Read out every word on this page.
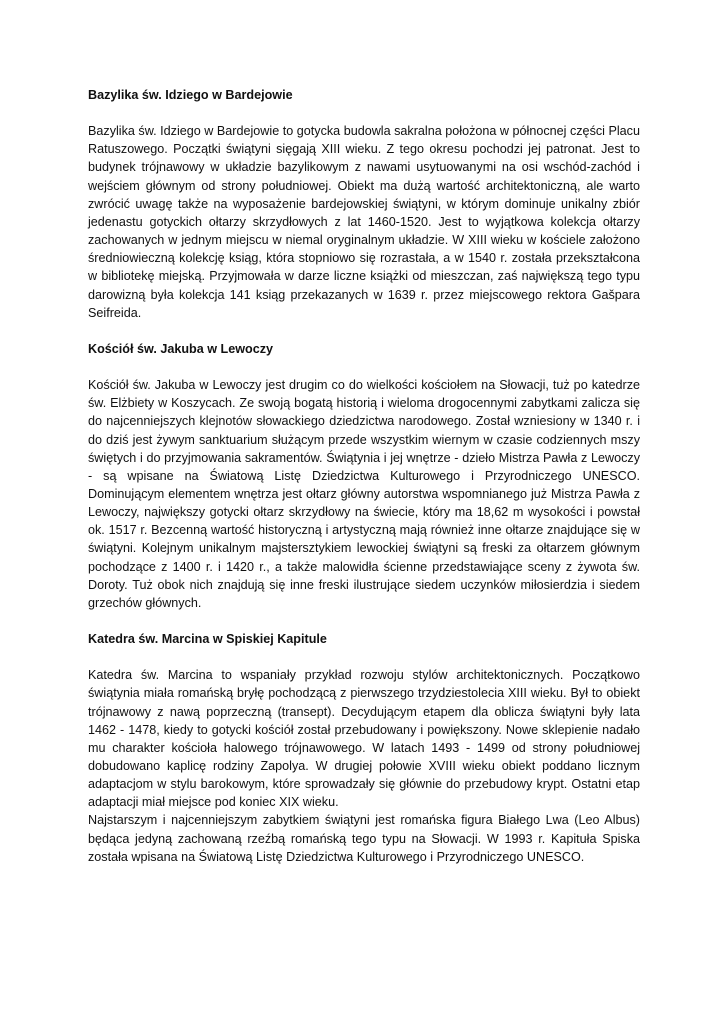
Bazylika św. Idziego w Bardejowie

Bazylika św. Idziego w Bardejowie to gotycka budowla sakralna położona w północnej części Placu Ratuszowego. Początki świątyni sięgają XIII wieku. Z tego okresu pochodzi jej patronat. Jest to budynek trójnawowy w układzie bazylikowym z nawami usytuowanymi na osi wschód-zachód i wejściem głównym od strony południowej. Obiekt ma dużą wartość architektoniczną, ale warto zwrócić uwagę także na wyposażenie bardejowskiej świątyni, w którym dominuje unikalny zbiór jedenastu gotyckich ołtarzy skrzydłowych z lat 1460-1520. Jest to wyjątkowa kolekcja ołtarzy zachowanych w jednym miejscu w niemal oryginalnym układzie. W XIII wieku w kościele założono średniowieczną kolekcję ksiąg, która stopniowo się rozrastała, a w 1540 r. została przekształcona w bibliotekę miejską. Przyjmowała w darze liczne książki od mieszczan, zaś największą tego typu darowizną była kolekcja 141 ksiąg przekazanych w 1639 r. przez miejscowego rektora Gašpara Seifreida.

Kościół św. Jakuba w Lewoczy

Kościół św. Jakuba w Lewoczy jest drugim co do wielkości kościołem na Słowacji, tuż po katedrze św. Elżbiety w Koszycach. Ze swoją bogatą historią i wieloma drogocennymi zabytkami zalicza się do najcenniejszych klejnotów słowackiego dziedzictwa narodowego. Został wzniesiony w 1340 r. i do dziś jest żywym sanktuarium służącym przede wszystkim wiernym w czasie codziennych mszy świętych i do przyjmowania sakramentów. Świątynia i jej wnętrze - dzieło Mistrza Pawła z Lewoczy - są wpisane na Światową Listę Dziedzictwa Kulturowego i Przyrodniczego UNESCO. Dominującym elementem wnętrza jest ołtarz główny autorstwa wspomnianego już Mistrza Pawła z Lewoczy, największy gotycki ołtarz skrzydłowy na świecie, który ma 18,62 m wysokości i powstał ok. 1517 r. Bezcenną wartość historyczną i artystyczną mają również inne ołtarze znajdujące się w świątyni. Kolejnym unikalnym majstersztykiem lewockiej świątyni są freski za ołtarzem głównym pochodzące z 1400 r. i 1420 r., a także malowidła ścienne przedstawiające sceny z żywota św. Doroty. Tuż obok nich znajdują się inne freski ilustrujące siedem uczynków miłosierdzia i siedem grzechów głównych.

Katedra św. Marcina w Spiskiej Kapitule

Katedra św. Marcina to wspaniały przykład rozwoju stylów architektonicznych. Początkowo świątynia miała romańską bryłę pochodzącą z pierwszego trzydziestolecia XIII wieku. Był to obiekt trójnawowy z nawą poprzeczną (transept). Decydującym etapem dla oblicza świątyni były lata 1462 - 1478, kiedy to gotycki kościół został przebudowany i powiększony. Nowe sklepienie nadało mu charakter kościoła halowego trójnawowego. W latach 1493 - 1499 od strony południowej dobudowano kaplicę rodziny Zapolya. W drugiej połowie XVIII wieku obiekt poddano licznym adaptacjom w stylu barokowym, które sprowadzały się głównie do przebudowy krypt. Ostatni etap adaptacji miał miejsce pod koniec XIX wieku.

Najstarszym i najcenniejszym zabytkiem świątyni jest romańska figura Białego Lwa (Leo Albus) będąca jedyną zachowaną rzeźbą romańską tego typu na Słowacji. W 1993 r. Kapituła Spiska została wpisana na Światową Listę Dziedzictwa Kulturowego i Przyrodniczego UNESCO.
